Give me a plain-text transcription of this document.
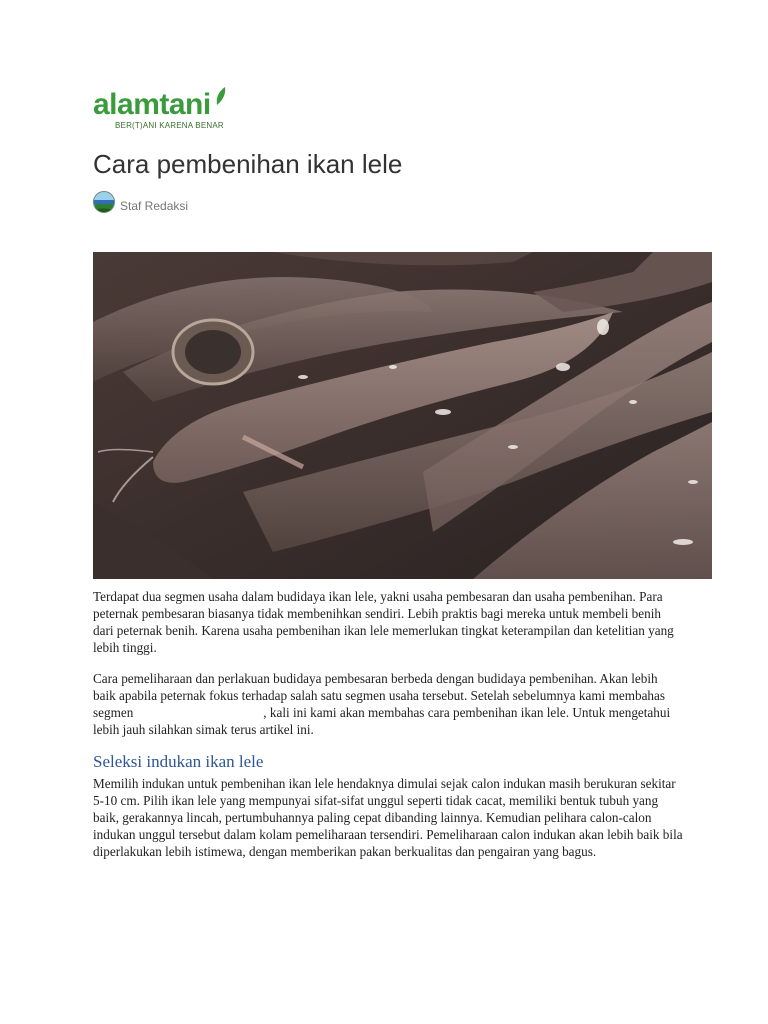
alamtani
BER(T)ANI KARENA BENAR
Cara pembenihan ikan lele
Staf Redaksi

Terdapat dua segmen usaha dalam budidaya ikan lele, yakni usaha pembesaran dan usaha pembenihan. Para peternak pembesaran biasanya tidak membenihkan sendiri. Lebih praktis bagi mereka untuk membeli benih dari peternak benih. Karena usaha pembenihan ikan lele memerlukan tingkat keterampilan dan ketelitian yang lebih tinggi.

Cara pemeliharaan dan perlakuan budidaya pembesaran berbeda dengan budidaya pembenihan. Akan lebih baik apabila peternak fokus terhadap salah satu segmen usaha tersebut. Setelah sebelumnya kami membahas segmen	, kali ini kami akan membahas cara pembenihan ikan lele. Untuk mengetahui lebih jauh silahkan simak terus artikel ini.

Seleksi indukan ikan lele

Memilih indukan untuk pembenihan ikan lele hendaknya dimulai sejak calon indukan masih berukuran sekitar 5-10 cm. Pilih ikan lele yang mempunyai sifat-sifat unggul seperti tidak cacat, memiliki bentuk tubuh yang baik, gerakannya lincah, pertumbuhannya paling cepat dibanding lainnya. Kemudian pelihara calon-calon indukan unggul tersebut dalam kolam pemeliharaan tersendiri. Pemeliharaan calon indukan akan lebih baik bila diperlakukan lebih istimewa, dengan memberikan pakan berkualitas dan pengairan yang bagus.
